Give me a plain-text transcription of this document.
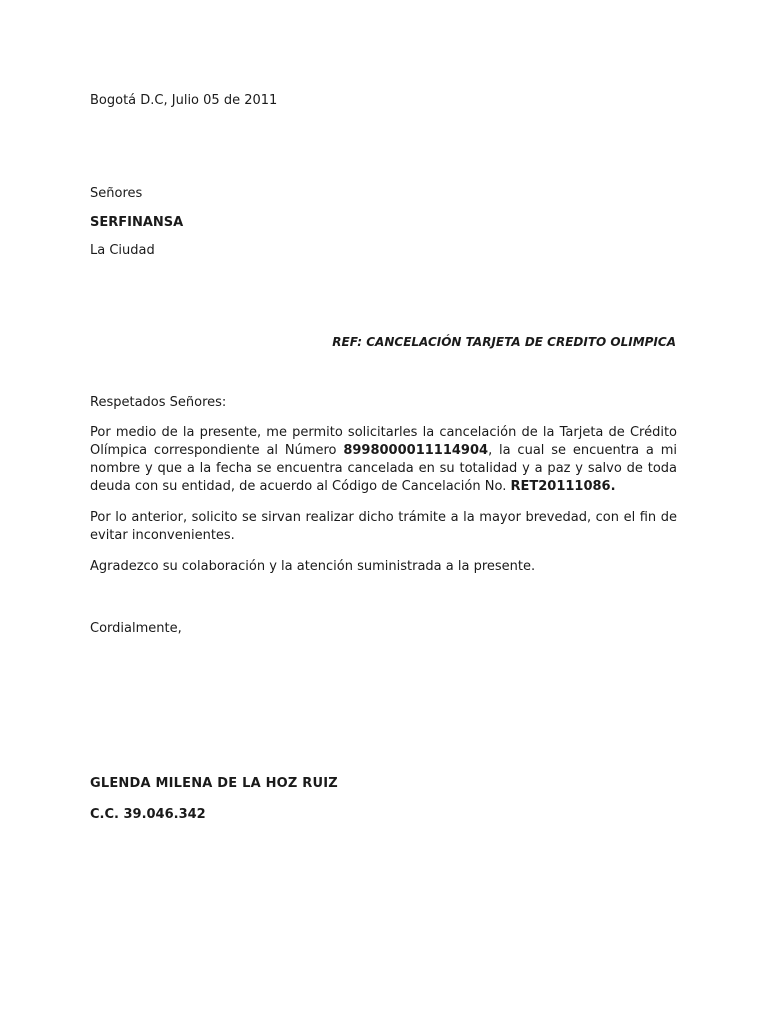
Bogotá D.C, Julio 05 de 2011
Señores
SERFINANSA
La Ciudad
REF: CANCELACIÓN TARJETA DE CREDITO OLIMPICA
Respetados Señores:
Por medio de la presente, me permito solicitarles la cancelación de la Tarjeta de Crédito Olímpica correspondiente al Número 8998000011114904, la cual se encuentra a mi nombre y que a la fecha se encuentra cancelada en su totalidad y a paz y salvo de toda deuda con su entidad, de acuerdo al Código de Cancelación No. RET20111086.
Por lo anterior, solicito se sirvan realizar dicho trámite a la mayor brevedad, con el fin de evitar inconvenientes.
Agradezco su colaboración y la atención suministrada a la presente.
Cordialmente,
GLENDA MILENA DE LA HOZ RUIZ
C.C. 39.046.342
